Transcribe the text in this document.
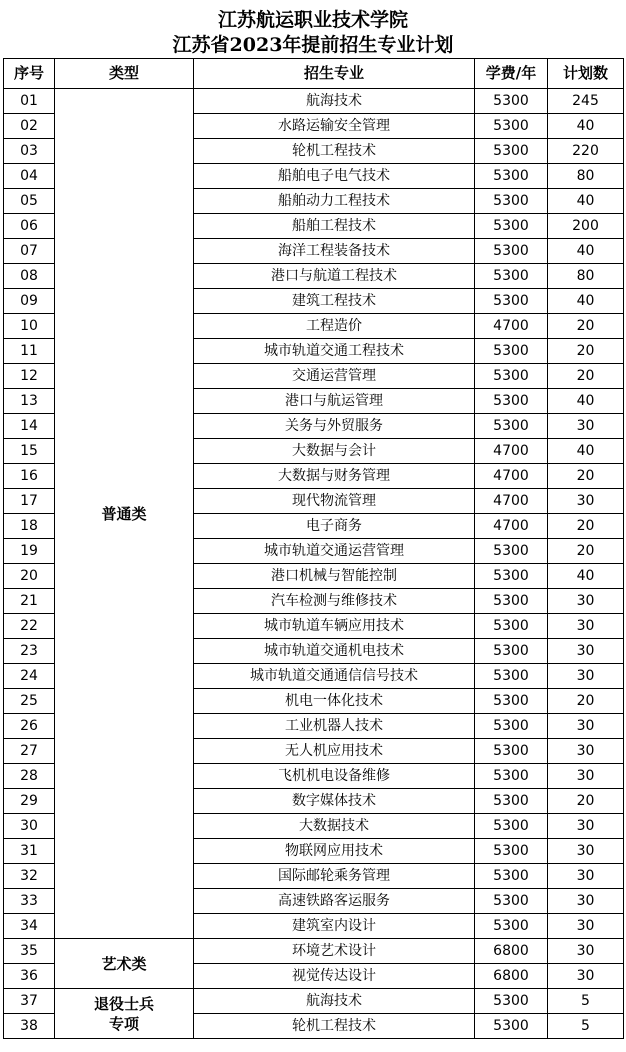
江苏航运职业技术学院
江苏省2023年提前招生专业计划
序号	类型	招生专业	学费/年	计划数
01	普通类	航海技术	5300	245
02		水路运输安全管理	5300	40
03		轮机工程技术	5300	220
04		船舶电子电气技术	5300	80
05		船舶动力工程技术	5300	40
06		船舶工程技术	5300	200
07		海洋工程装备技术	5300	40
08		港口与航道工程技术	5300	80
09		建筑工程技术	5300	40
10		工程造价	4700	20
11		城市轨道交通工程技术	5300	20
12		交通运营管理	5300	20
13		港口与航运管理	5300	40
14		关务与外贸服务	5300	30
15		大数据与会计	4700	40
16		大数据与财务管理	4700	20
17		现代物流管理	4700	30
18		电子商务	4700	20
19		城市轨道交通运营管理	5300	20
20		港口机械与智能控制	5300	40
21		汽车检测与维修技术	5300	30
22		城市轨道车辆应用技术	5300	30
23		城市轨道交通机电技术	5300	30
24		城市轨道交通通信信号技术	5300	30
25		机电一体化技术	5300	20
26		工业机器人技术	5300	30
27		无人机应用技术	5300	30
28		飞机机电设备维修	5300	30
29		数字媒体技术	5300	20
30		大数据技术	5300	30
31		物联网应用技术	5300	30
32		国际邮轮乘务管理	5300	30
33		高速铁路客运服务	5300	30
34		建筑室内设计	5300	30
35	艺术类	环境艺术设计	6800	30
36		视觉传达设计	6800	30
37	退役士兵专项	航海技术	5300	5
38		轮机工程技术	5300	5
